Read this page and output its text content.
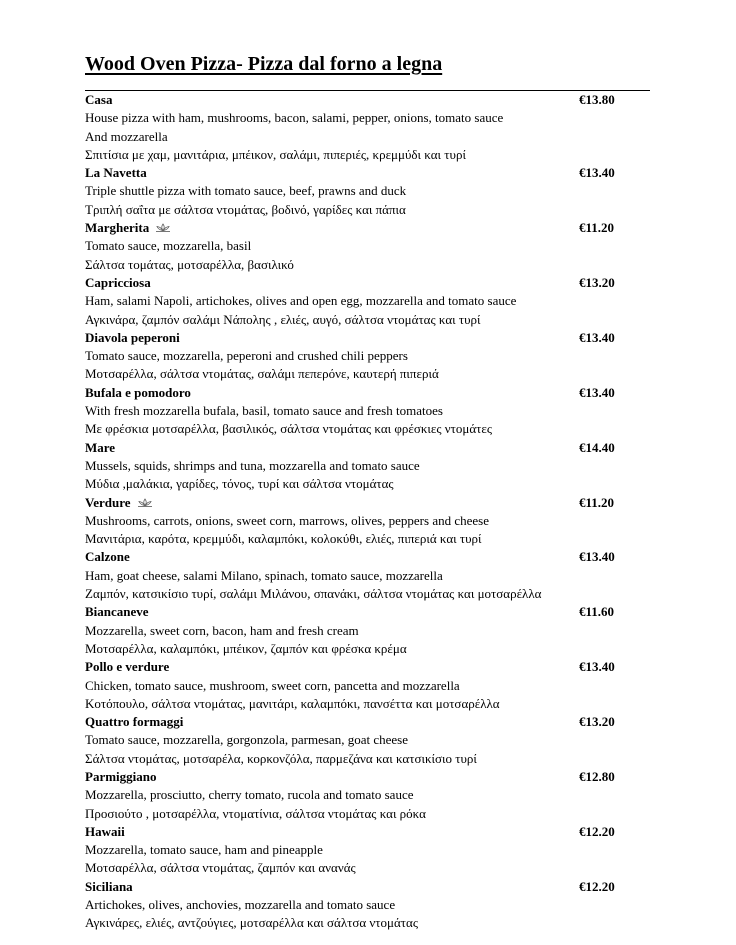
Wood Oven Pizza- Pizza dal forno a legna
Casa	€13.80
House pizza with ham, mushrooms, bacon, salami, pepper, onions, tomato sauce
And mozzarella
Σπιτίσια με χαμ, μανιτάρια, μπέικον, σαλάμι, πιπεριές, κρεμμύδι και τυρί
La Navetta	€13.40
Triple shuttle pizza with tomato sauce, beef, prawns and duck
Τριπλή σαΐτα με σάλτσα ντομάτας, βοδινό, γαρίδες και πάπια
Margherita	€11.20
Tomato sauce, mozzarella, basil
Σάλτσα τομάτας, μοτσαρέλλα, βασιλικό
Capricciosa	€13.20
Ham, salami Napoli, artichokes, olives and open egg, mozzarella and tomato sauce
Αγκινάρα, ζαμπόν σαλάμι Νάπολης , ελιές, αυγό, σάλτσα ντομάτας και τυρί
Diavola peperoni	€13.40
Tomato sauce, mozzarella, peperoni and crushed chili peppers
Μοτσαρέλλα, σάλτσα ντομάτας, σαλάμι πεπερόνε, καυτερή πιπεριά
Bufala e pomodoro	€13.40
With fresh mozzarella bufala, basil, tomato sauce and fresh tomatoes
Με φρέσκια μοτσαρέλλα, βασιλικός, σάλτσα ντομάτας και φρέσκιες ντομάτες
Mare	€14.40
Mussels, squids, shrimps and tuna, mozzarella and tomato sauce
Μύδια ,μαλάκια, γαρίδες, τόνος, τυρί και σάλτσα ντομάτας
Verdure	€11.20
Mushrooms, carrots, onions, sweet corn, marrows, olives, peppers and cheese
Μανιτάρια, καρότα, κρεμμύδι, καλαμπόκι, κολοκύθι, ελιές, πιπεριά και τυρί
Calzone	€13.40
Ham, goat cheese, salami Milano, spinach, tomato sauce, mozzarella
Ζαμπόν, κατσικίσιο τυρί, σαλάμι Μιλάνου, σπανάκι, σάλτσα ντομάτας και μοτσαρέλλα
Biancaneve	€11.60
Mozzarella, sweet corn, bacon, ham and fresh cream
Μοτσαρέλλα, καλαμπόκι, μπέικον, ζαμπόν και φρέσκα κρέμα
Pollo e verdure	€13.40
Chicken, tomato sauce, mushroom, sweet corn, pancetta and mozzarella
Κοτόπουλο, σάλτσα ντομάτας, μανιτάρι, καλαμπόκι, πανσέττα και μοτσαρέλλα
Quattro formaggi	€13.20
Tomato sauce, mozzarella, gorgonzola, parmesan, goat cheese
Σάλτσα ντομάτας, μοτσαρέλα, κορκονζόλα, παρμεζάνα και κατσικίσιο τυρί
Parmiggiano	€12.80
Mozzarella, prosciutto, cherry tomato, rucola and tomato sauce
Προσιούτο , μοτσαρέλλα, ντοματίνια, σάλτσα ντομάτας και ρόκα
Hawaii	€12.20
Mozzarella, tomato sauce, ham and pineapple
Μοτσαρέλλα, σάλτσα ντομάτας, ζαμπόν και ανανάς
Siciliana	€12.20
Artichokes, olives, anchovies, mozzarella and tomato sauce
Αγκινάρες, ελιές, αντζούγιες, μοτσαρέλλα και σάλτσα ντομάτας
